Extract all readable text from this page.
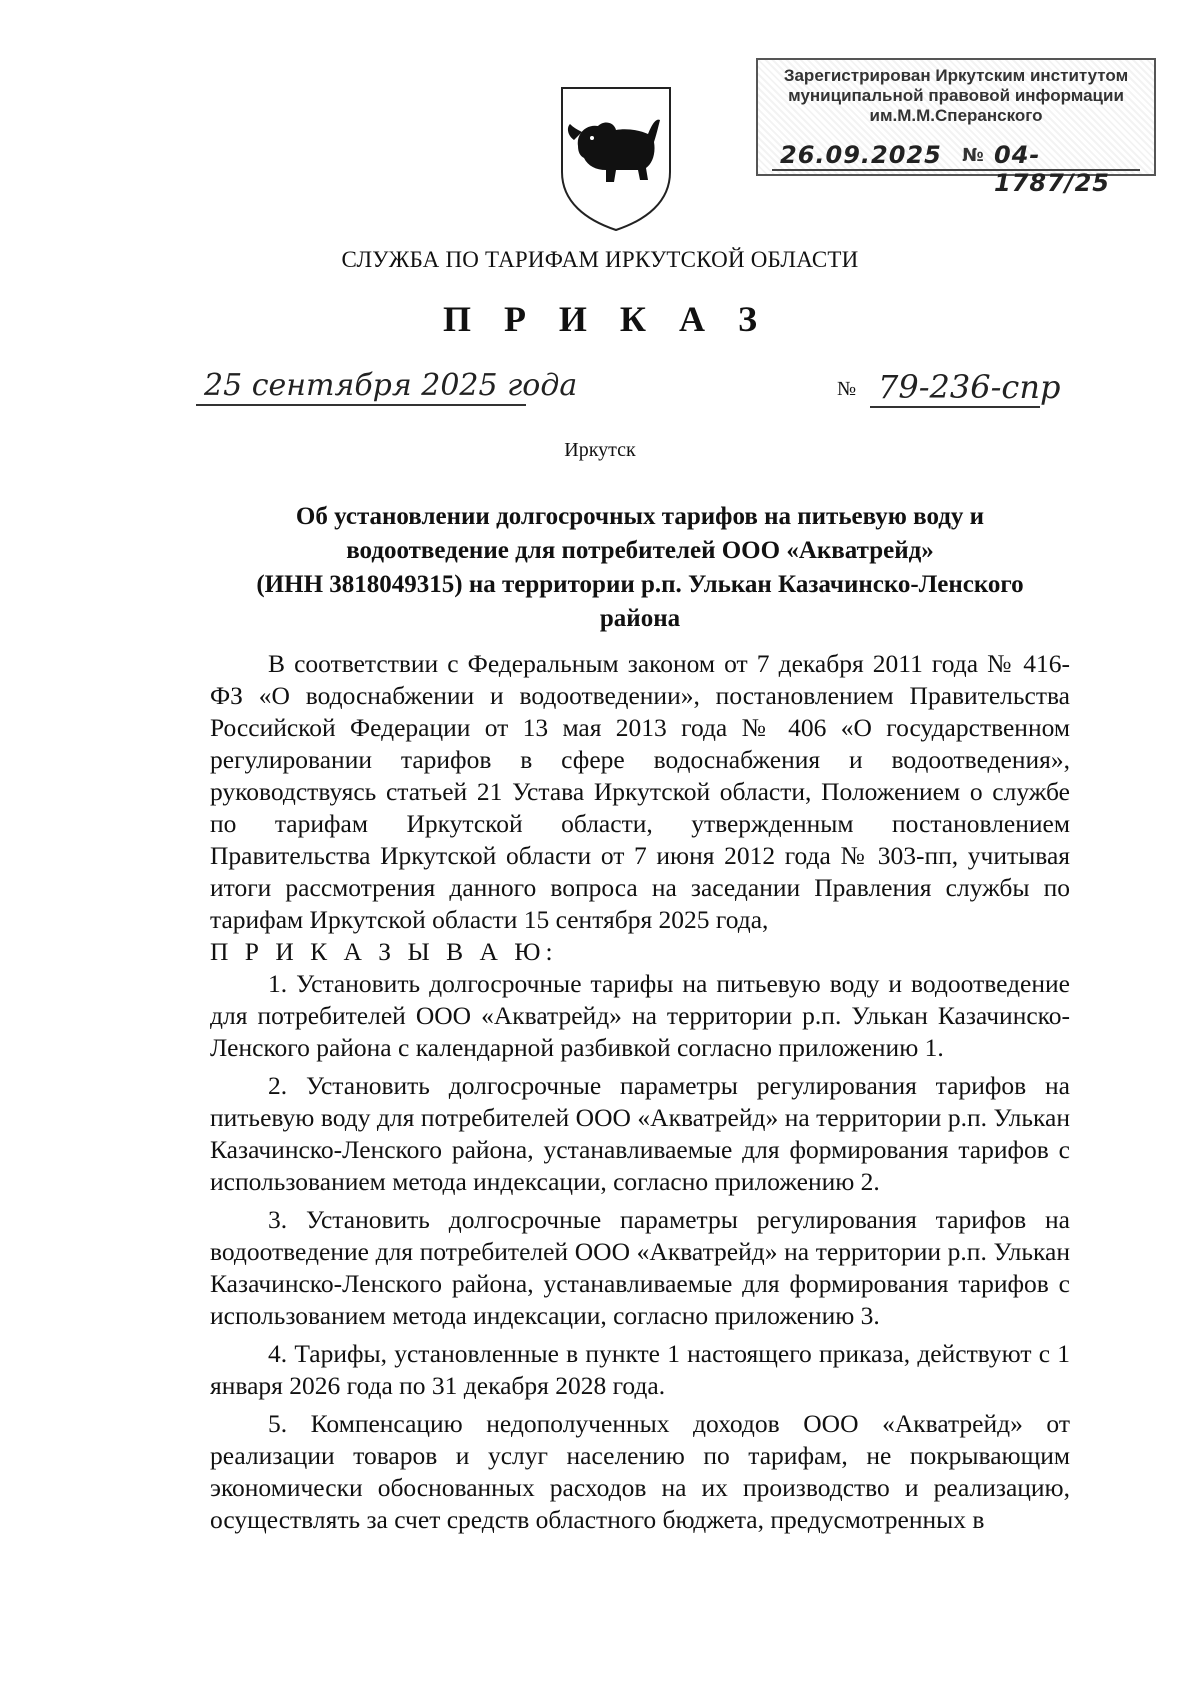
Зарегистрирован Иркутским институтом
муниципальной правовой информации
им.М.М.Сперанского
26.09.2025 № 04-1787/25
СЛУЖБА ПО ТАРИФАМ ИРКУТСКОЙ ОБЛАСТИ
П Р И К А З
25 сентября 2025 года	№ 79-236-спр
Иркутск
Об установлении долгосрочных тарифов на питьевую воду и
водоотведение для потребителей ООО «Акватрейд»
(ИНН 3818049315) на территории р.п. Улькан Казачинско-Ленского
района

В соответствии с Федеральным законом от 7 декабря 2011 года № 416-ФЗ «О водоснабжении и водоотведении», постановлением Правительства Российской Федерации от 13 мая 2013 года № 406 «О государственном регулировании тарифов в сфере водоснабжения и водоотведения», руководствуясь статьей 21 Устава Иркутской области, Положением о службе по тарифам Иркутской области, утвержденным постановлением Правительства Иркутской области от 7 июня 2012 года № 303-пп, учитывая итоги рассмотрения данного вопроса на заседании Правления службы по тарифам Иркутской области 15 сентября 2025 года,

П Р И К А З Ы В А Ю:

1. Установить долгосрочные тарифы на питьевую воду и водоотведение для потребителей ООО «Акватрейд» на территории р.п. Улькан Казачинско-Ленского района с календарной разбивкой согласно приложению 1.

2. Установить долгосрочные параметры регулирования тарифов на питьевую воду для потребителей ООО «Акватрейд» на территории р.п. Улькан Казачинско-Ленского района, устанавливаемые для формирования тарифов с использованием метода индексации, согласно приложению 2.

3. Установить долгосрочные параметры регулирования тарифов на водоотведение для потребителей ООО «Акватрейд» на территории р.п. Улькан Казачинско-Ленского района, устанавливаемые для формирования тарифов с использованием метода индексации, согласно приложению 3.

4. Тарифы, установленные в пункте 1 настоящего приказа, действуют с 1 января 2026 года по 31 декабря 2028 года.

5. Компенсацию недополученных доходов ООО «Акватрейд» от реализации товаров и услуг населению по тарифам, не покрывающим экономически обоснованных расходов на их производство и реализацию, осуществлять за счет средств областного бюджета, предусмотренных в
